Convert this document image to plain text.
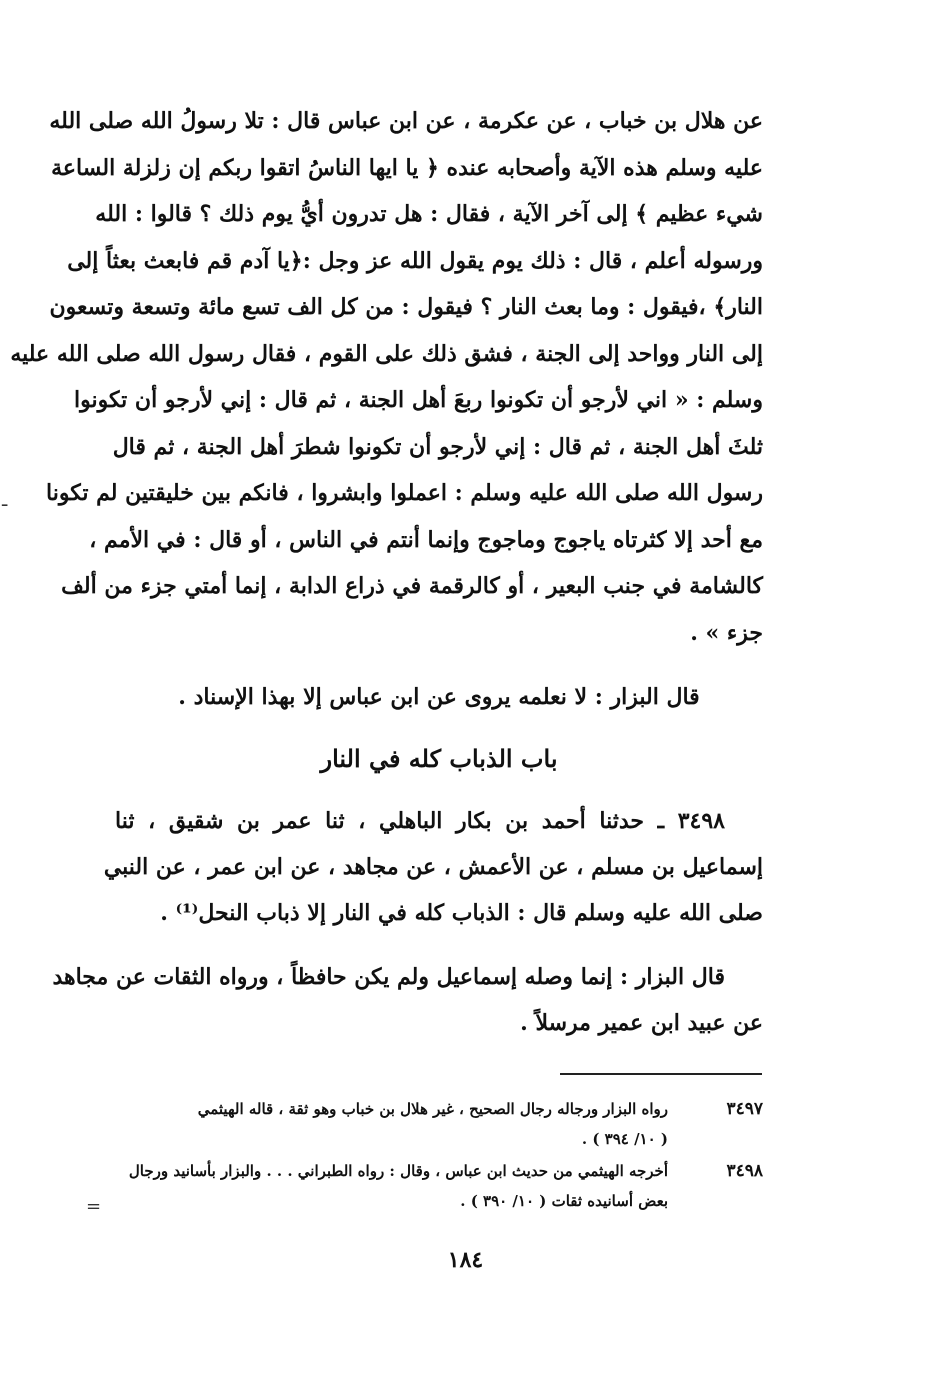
عن هلال بن خباب ، عن عكرمة ، عن ابن عباس قال : تلا رسولُ الله صلى الله
عليه وسلم هذه الآية وأصحابه عنده ﴿ يا ايها الناسُ اتقوا ربكم إن زلزلة الساعة
شيء عظيم ﴾ إلى آخر الآية ، فقال : هل تدرون أيُّ يوم ذلك ؟ قالوا : الله
ورسوله أعلم ، قال : ذلك يوم يقول الله عز وجل :﴿يا آدم قم فابعث بعثاً إلى
النار﴾ ،فيقول : وما بعث النار ؟ فيقول : من كل الف تسع مائة وتسعة وتسعون
إلى النار وواحد إلى الجنة ، فشق ذلك على القوم ، فقال رسول الله صلى الله عليه
وسلم : « اني لأرجو أن تكونوا ربعَ أهل الجنة ، ثم قال : إني لأرجو أن تكونوا
ثلثَ أهل الجنة ، ثم قال : إني لأرجو أن تكونوا شطرَ أهل الجنة ، ثم قال
رسول الله صلى الله عليه وسلم : اعملوا وابشروا ، فانكم بين خليقتين لم تكونا
مع أحد إلا كثرتاه ياجوج وماجوج وإنما أنتم في الناس ، أو قال : في الأمم ،
كالشامة في جنب البعير ، أو كالرقمة في ذراع الدابة ، إنما أمتي جزء من ألف
جزء » .
قال البزار : لا نعلمه يروى عن ابن عباس إلا بهذا الإسناد .
باب الذباب كله في النار
٣٤٩٨ ـ حدثنا أحمد بن بكار الباهلي ، ثنا عمر بن شقيق ، ثنا
إسماعيل بن مسلم ، عن الأعمش ، عن مجاهد ، عن ابن عمر ، عن النبي
صلى الله عليه وسلم قال : الذباب كله في النار إلا ذباب النحل⁽¹⁾ .
قال البزار : إنما وصله إسماعيل ولم يكن حافظاً ، ورواه الثقات عن مجاهد
عن عبيد ابن عمير مرسلاً .
٣٤٩٧
رواه البزار ورجاله رجال الصحيح ، غير هلال بن خباب وهو ثقة ، قاله الهيثمي
( ١٠/ ٣٩٤ ) .
٣٤٩٨
أخرجه الهيثمي من حديث ابن عباس ، وقال : رواه الطبراني . . . والبزار بأسانيد ورجال
بعض أسانيده ثقات ( ١٠/ ٣٩٠ ) .
١٨٤
ـ
=
